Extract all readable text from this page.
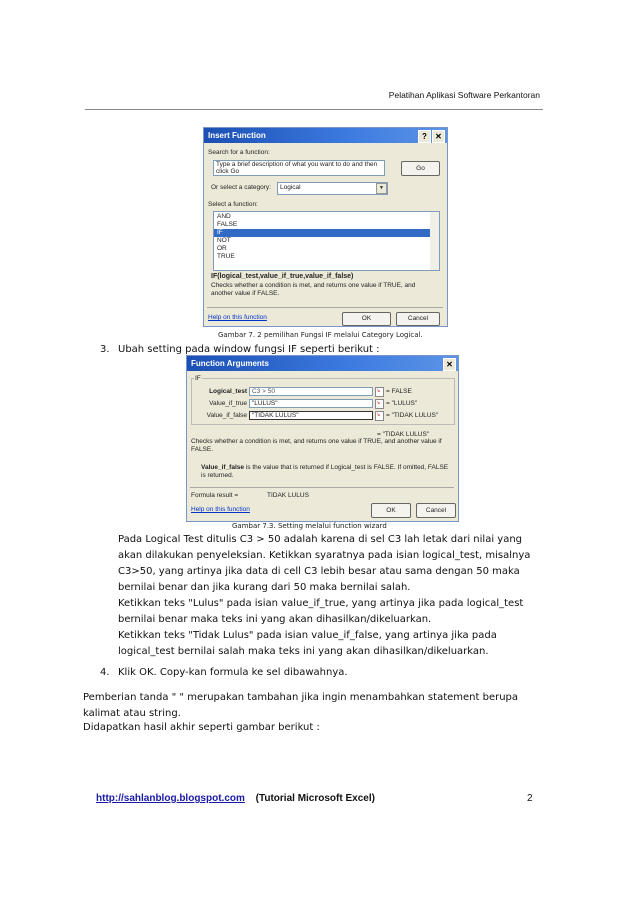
Pelatihan Aplikasi Software Perkantoran
Insert Function	?	✕
Search for a function:
Type a brief description of what you want to do and then click Go	Go
Or select a category: Logical	▼
Select a function:
AND
FALSE
IF
NOT
OR
TRUE
IF(logical_test,value_if_true,value_if_false)
Checks whether a condition is met, and returns one value if TRUE, and another value if FALSE.
Help on this function	OK	Cancel
Gambar 7. 2 pemilihan Fungsi IF melalui Category Logical.
3. Ubah setting pada window fungsi IF seperti berikut :
Function Arguments	✕
IF
Logical_test C3 > 50	↘ = FALSE
Value_if_true "LULUS"	↘ = "LULUS"
Value_if_false "TIDAK LULUS"	↘ = "TIDAK LULUS"
= "TIDAK LULUS"
Checks whether a condition is met, and returns one value if TRUE, and another value if FALSE.
Value_if_false is the value that is returned if Logical_test is FALSE. If omitted, FALSE is returned.
Formula result =	TIDAK LULUS
Help on this function	OK	Cancel
Gambar 7.3. Setting melalui function wizard
Pada Logical Test ditulis C3 > 50 adalah karena di sel C3 lah letak dari nilai yang
akan dilakukan penyeleksian. Ketikkan syaratnya pada isian logical_test, misalnya
C3>50, yang artinya jika data di cell C3 lebih besar atau sama dengan 50 maka
bernilai benar dan jika kurang dari 50 maka bernilai salah.
Ketikkan teks "Lulus" pada isian value_if_true, yang artinya jika pada logical_test
bernilai benar maka teks ini yang akan dihasilkan/dikeluarkan.
Ketikkan teks "Tidak Lulus" pada isian value_if_false, yang artinya jika pada
logical_test bernilai salah maka teks ini yang akan dihasilkan/dikeluarkan.
4. Klik OK. Copy-kan formula ke sel dibawahnya.
Pemberian tanda " " merupakan tambahan jika ingin menambahkan statement berupa
kalimat atau string.
Didapatkan hasil akhir seperti gambar berikut :
http://sahlanblog.blogspot.com (Tutorial Microsoft Excel)	2
